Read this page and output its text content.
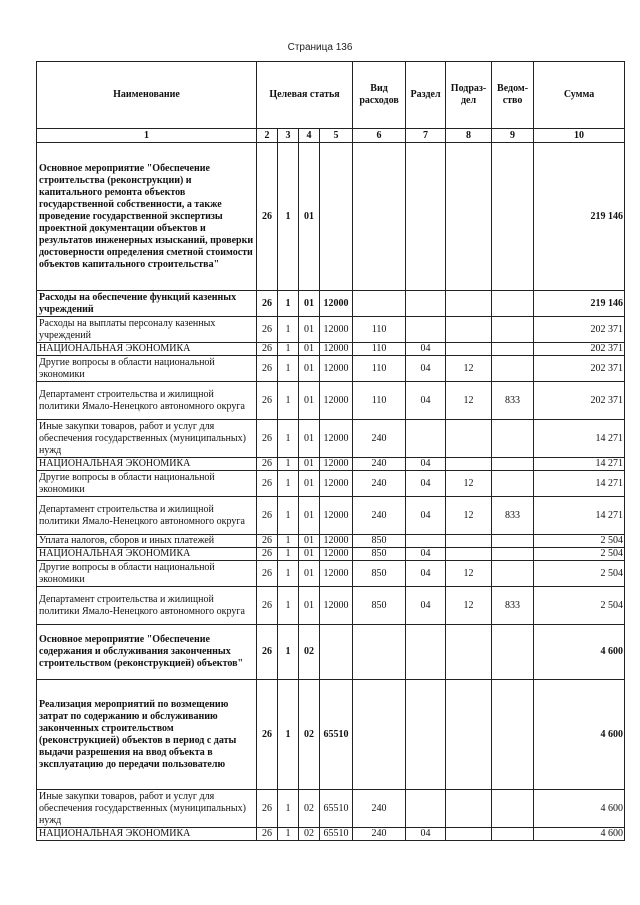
Страница 136
Наименование	Целевая статья				Вид расходов	Раздел	Подраз-дел	Ведом-ство	Сумма
1	2	3	4	5	6	7	8	9	10
Основное мероприятие "Обеспечение строительства (реконструкции) и капитального ремонта объектов государственной собственности, а также проведение государственной экспертизы проектной документации объектов и результатов инженерных изысканий, проверки достоверности определения сметной стоимости объектов капитального строительства"	26	1	01						219 146
Расходы на обеспечение функций казенных учреждений	26	1	01	12000					219 146
Расходы на выплаты персоналу казенных учреждений	26	1	01	12000	110				202 371
НАЦИОНАЛЬНАЯ ЭКОНОМИКА	26	1	01	12000	110	04			202 371
Другие вопросы в области национальной экономики	26	1	01	12000	110	04	12		202 371
Департамент строительства и жилищной политики Ямало-Ненецкого автономного округа	26	1	01	12000	110	04	12	833	202 371
Иные закупки товаров, работ и услуг для обеспечения государственных (муниципальных) нужд	26	1	01	12000	240				14 271
НАЦИОНАЛЬНАЯ ЭКОНОМИКА	26	1	01	12000	240	04			14 271
Другие вопросы в области национальной экономики	26	1	01	12000	240	04	12		14 271
Департамент строительства и жилищной политики Ямало-Ненецкого автономного округа	26	1	01	12000	240	04	12	833	14 271
Уплата налогов, сборов и иных платежей	26	1	01	12000	850				2 504
НАЦИОНАЛЬНАЯ ЭКОНОМИКА	26	1	01	12000	850	04			2 504
Другие вопросы в области национальной экономики	26	1	01	12000	850	04	12		2 504
Департамент строительства и жилищной политики Ямало-Ненецкого автономного округа	26	1	01	12000	850	04	12	833	2 504
Основное мероприятие "Обеспечение содержания и обслуживания законченных строительством (реконструкцией) объектов"	26	1	02						4 600
Реализация мероприятий по возмещению затрат по содержанию и обслуживанию законченных строительством (реконструкцией) объектов в период с даты выдачи разрешения на ввод объекта в эксплуатацию до передачи пользователю	26	1	02	65510					4 600
Иные закупки товаров, работ и услуг для обеспечения государственных (муниципальных) нужд	26	1	02	65510	240				4 600
НАЦИОНАЛЬНАЯ ЭКОНОМИКА	26	1	02	65510	240	04			4 600
